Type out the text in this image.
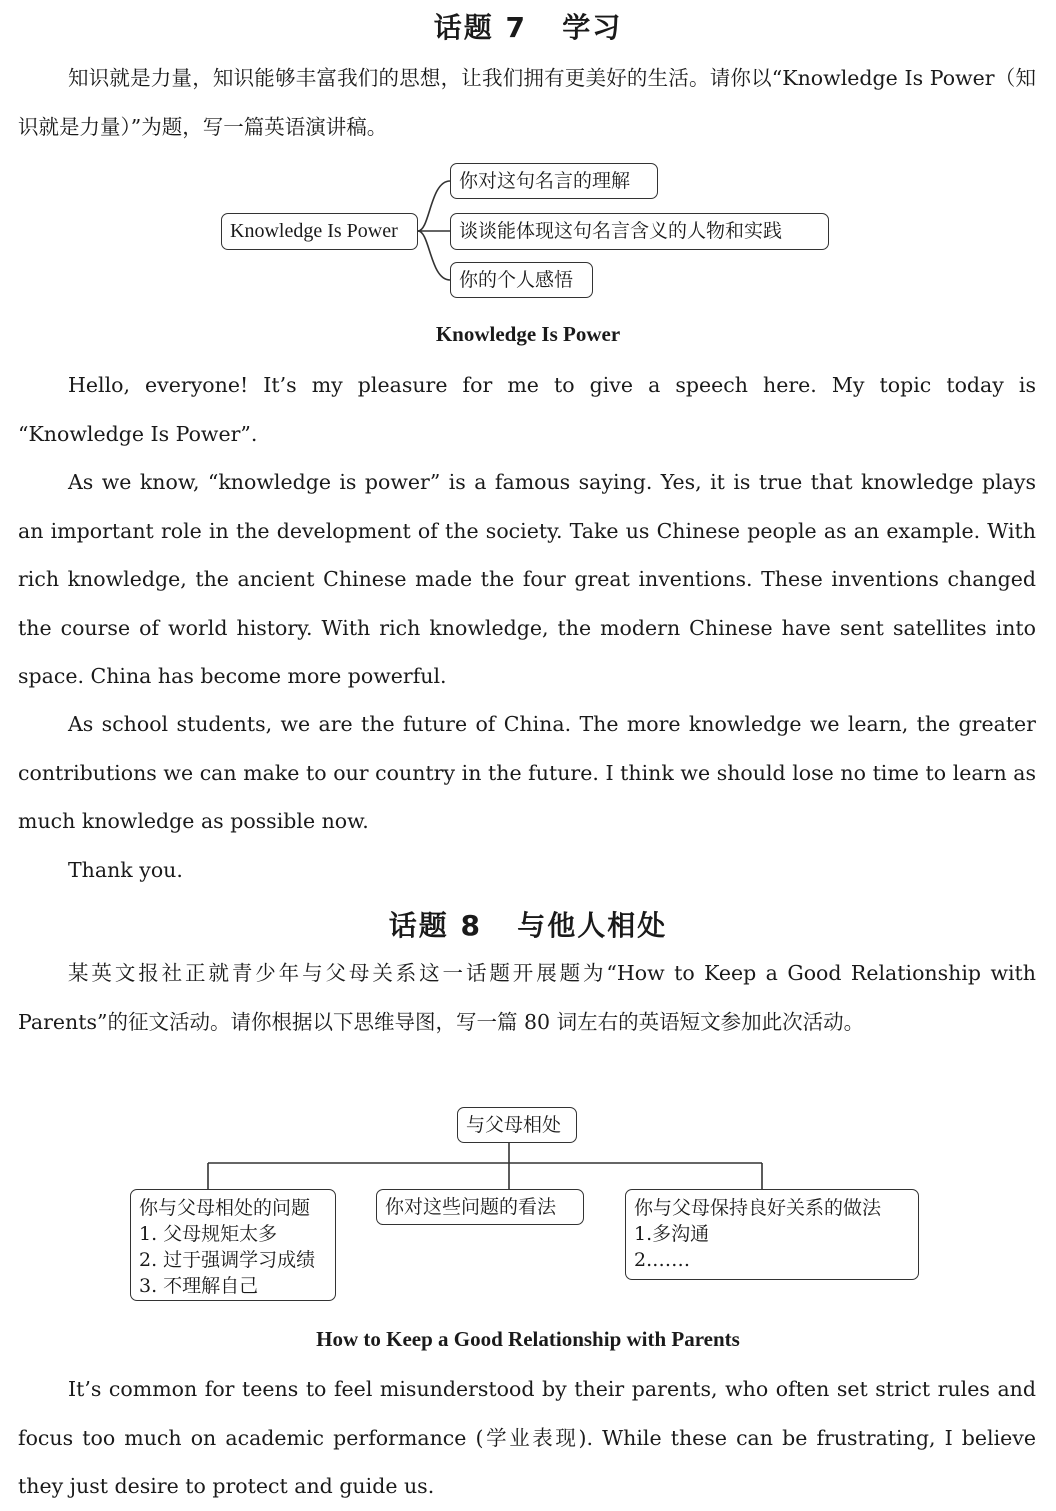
话题 7   学习

知识就是力量，知识能够丰富我们的思想，让我们拥有更美好的生活。请你以“Knowledge Is Power（知识就是力量）”为题，写一篇英语演讲稿。

Knowledge Is Power
你对这句名言的理解
谈谈能体现这句名言含义的人物和实践
你的个人感悟
Knowledge Is Power

Hello, everyone! It’s my pleasure for me to give a speech here. My topic today is “Knowledge Is Power”.

As we know, “knowledge is power” is a famous saying. Yes, it is true that knowledge plays an important role in the development of the society. Take us Chinese people as an example. With rich knowledge, the ancient Chinese made the four great inventions. These inventions changed the course of world history. With rich knowledge, the modern Chinese have sent satellites into space. China has become more powerful.

As school students, we are the future of China. The more knowledge we learn, the greater contributions we can make to our country in the future. I think we should lose no time to learn as much knowledge as possible now.

Thank you.

话题 8   与他人相处

某英文报社正就青少年与父母关系这一话题开展题为“How to Keep a Good Relationship with Parents”的征文活动。请你根据以下思维导图，写一篇 80 词左右的英语短文参加此次活动。

与父母相处
你与父母相处的问题
1. 父母规矩太多
2. 过于强调学习成绩
3. 不理解自己
你对这些问题的看法	你与父母保持良好关系的做法
1.多沟通
2.……
How to Keep a Good Relationship with Parents

It’s common for teens to feel misunderstood by their parents, who often set strict rules and focus too much on academic performance (学业表现). While these can be frustrating, I believe they just desire to protect and guide us.
